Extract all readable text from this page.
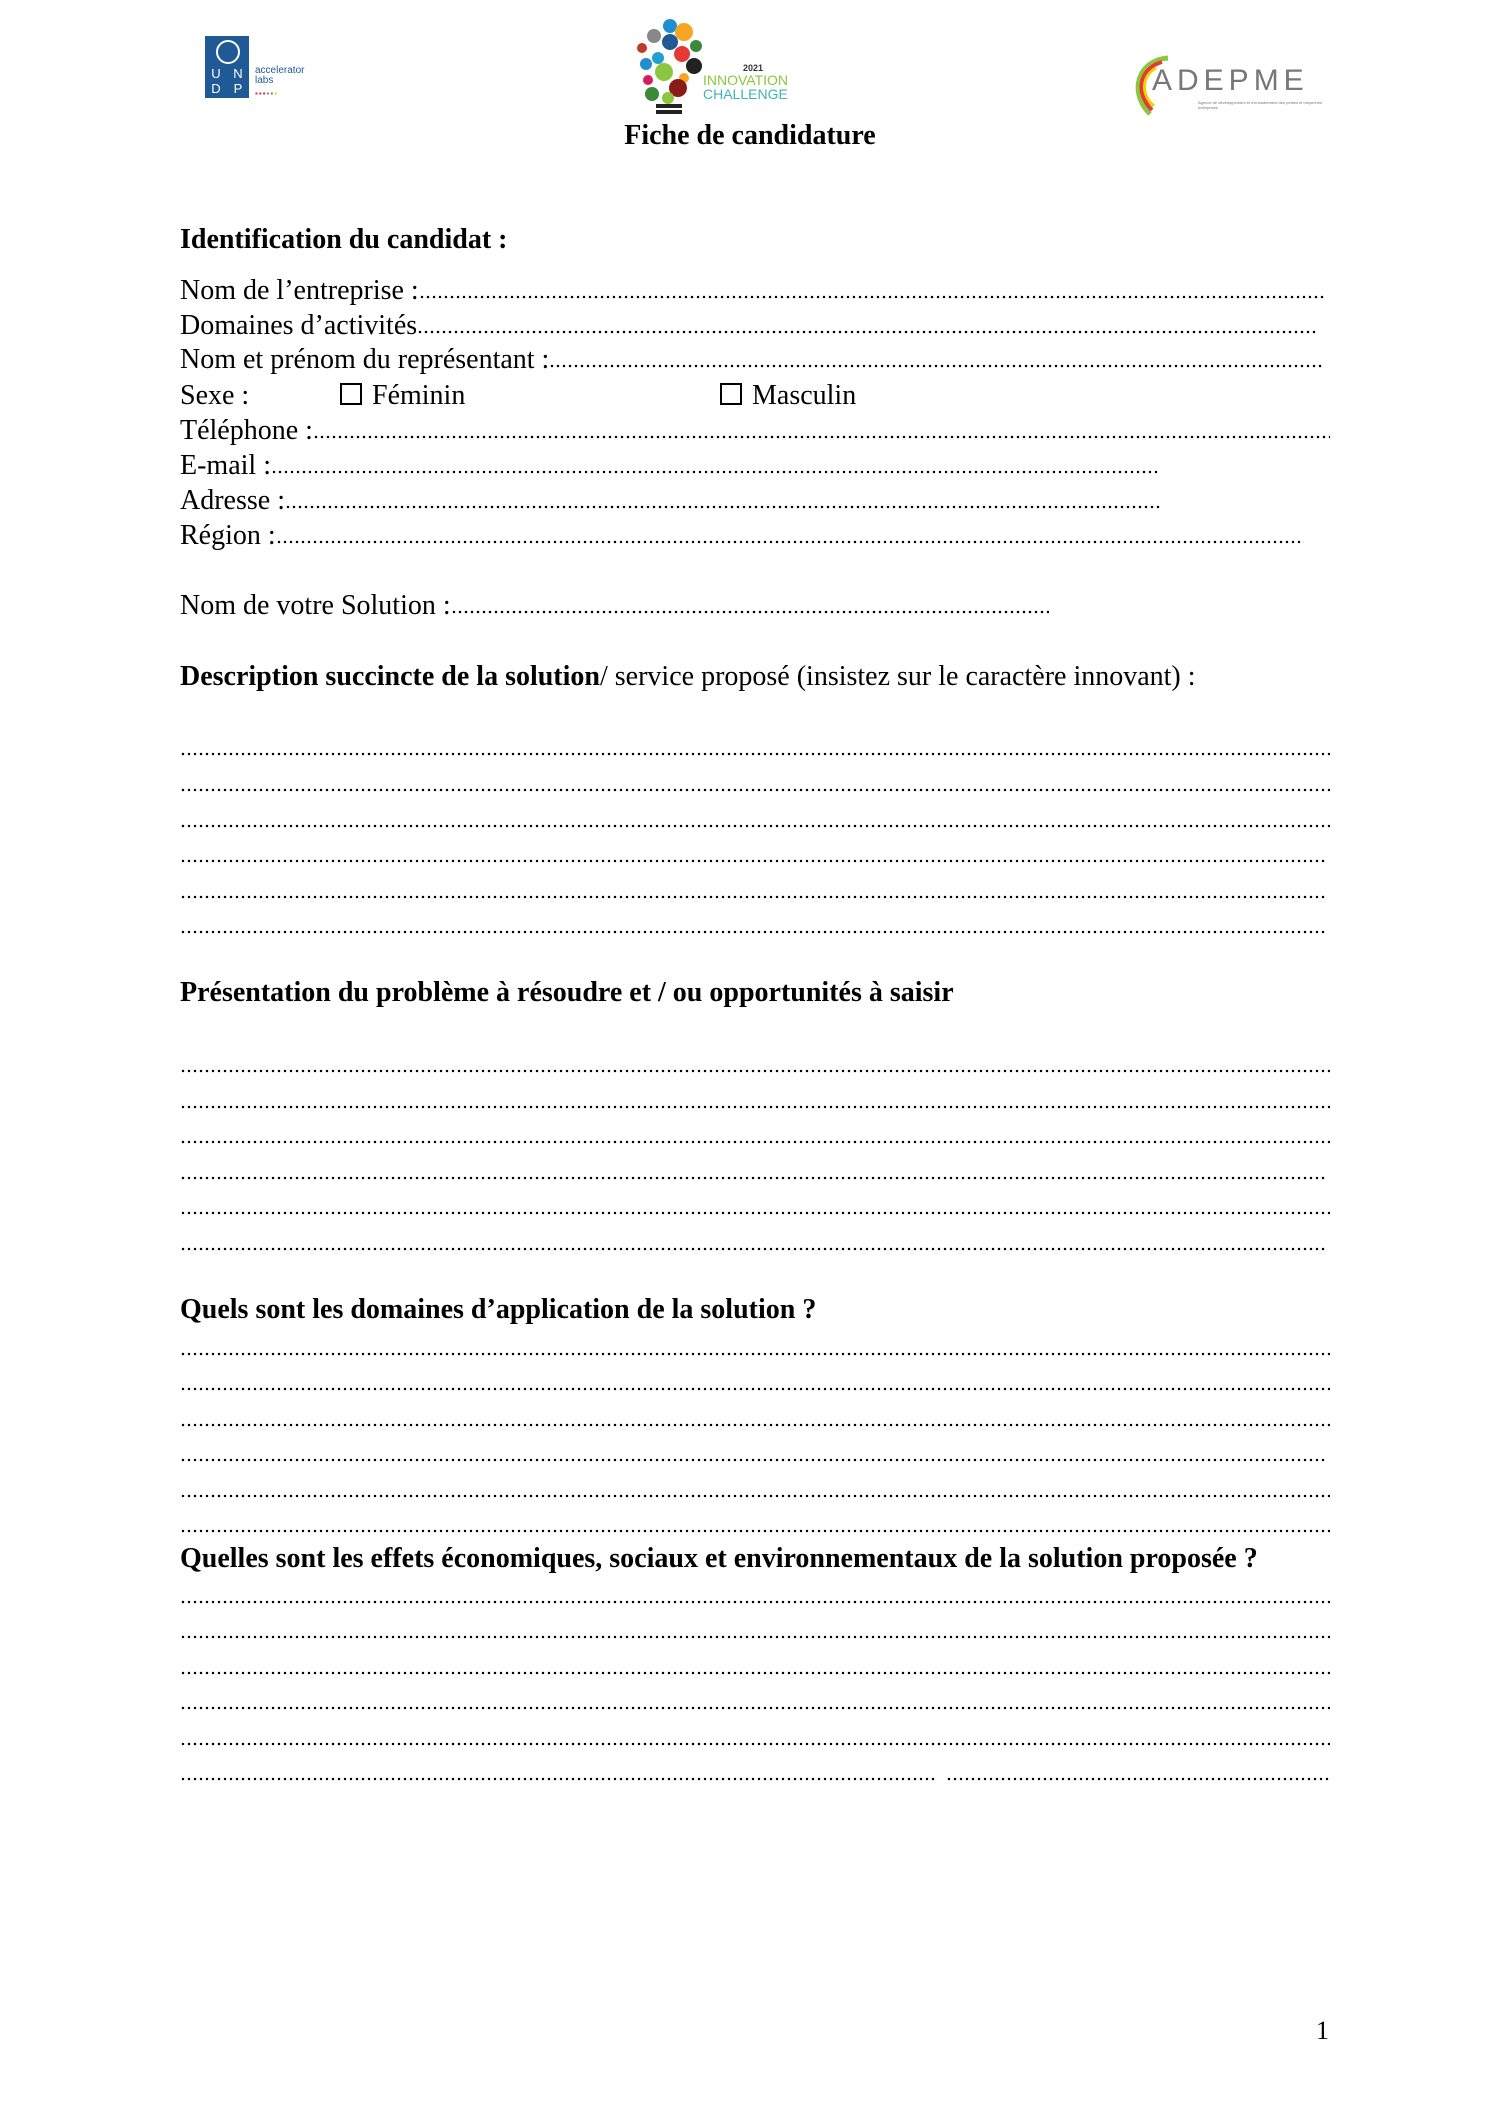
U N
D P
accelerator
labs
▪▪▪▪▪▪
2021
INNOVATION
CHALLENGE	ADEPME
Agence de développement et d'encadrement des petites et moyennes entreprises
Fiche de candidature
Identification du candidat :
Nom de l’entreprise :
Domaines d’activités
Nom et prénom du représentant :
Sexe :	Féminin	Masculin
Téléphone :
E-mail :
Adresse :
Région :
Nom de votre Solution :
Description succincte de la solution / service proposé (insistez sur le caractère innovant) :
Présentation du problème à résoudre et / ou opportunités à saisir
Quels sont les domaines d’application de la solution ?
Quelles sont les effets économiques, sociaux et environnementaux de la solution proposée ?
1
